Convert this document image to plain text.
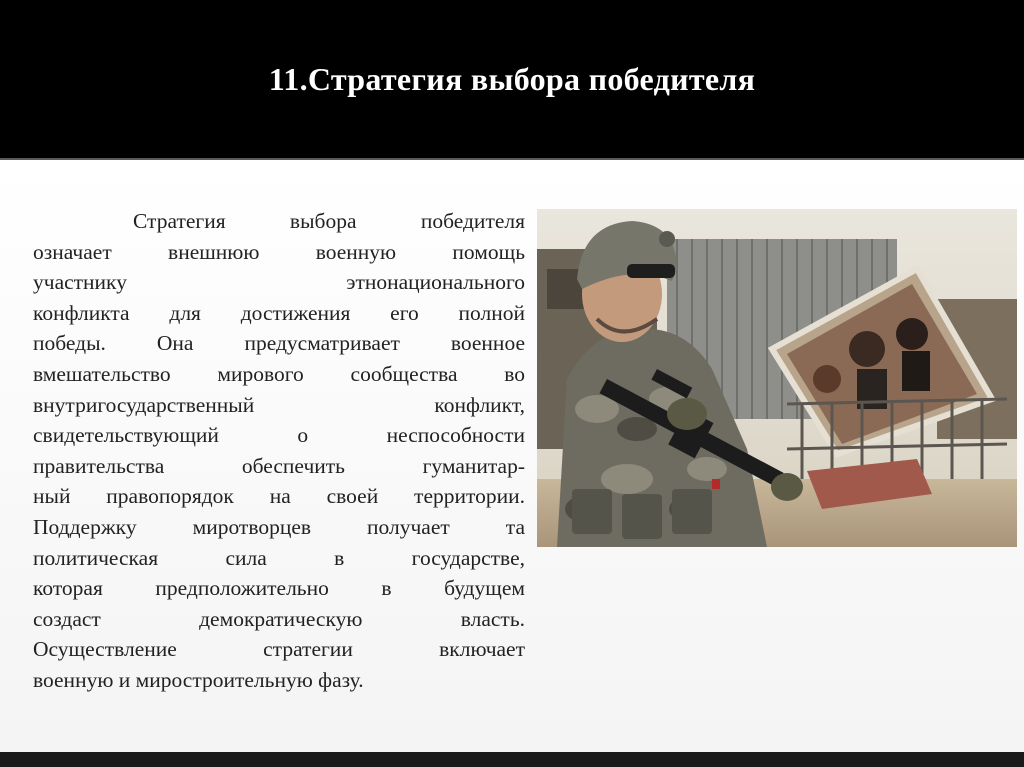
11.Стратегия выбора победителя
Стратегия выбора победителя
означает внешнюю военную помощь
участнику этнонационального
конфликта для достижения его полной
победы. Она предусматривает военное
вмешательство мирового сообщества во
внутригосударственный конфликт,
свидетельствующий о неспособности
правительства обеспечить гуманитар-
ный правопорядок на своей территории.
Поддержку миротворцев получает та
политическая сила в государстве,
которая предположительно в будущем
создаст демократическую власть.
Осуществление стратегии включает
военную и миростроительную фазу.
